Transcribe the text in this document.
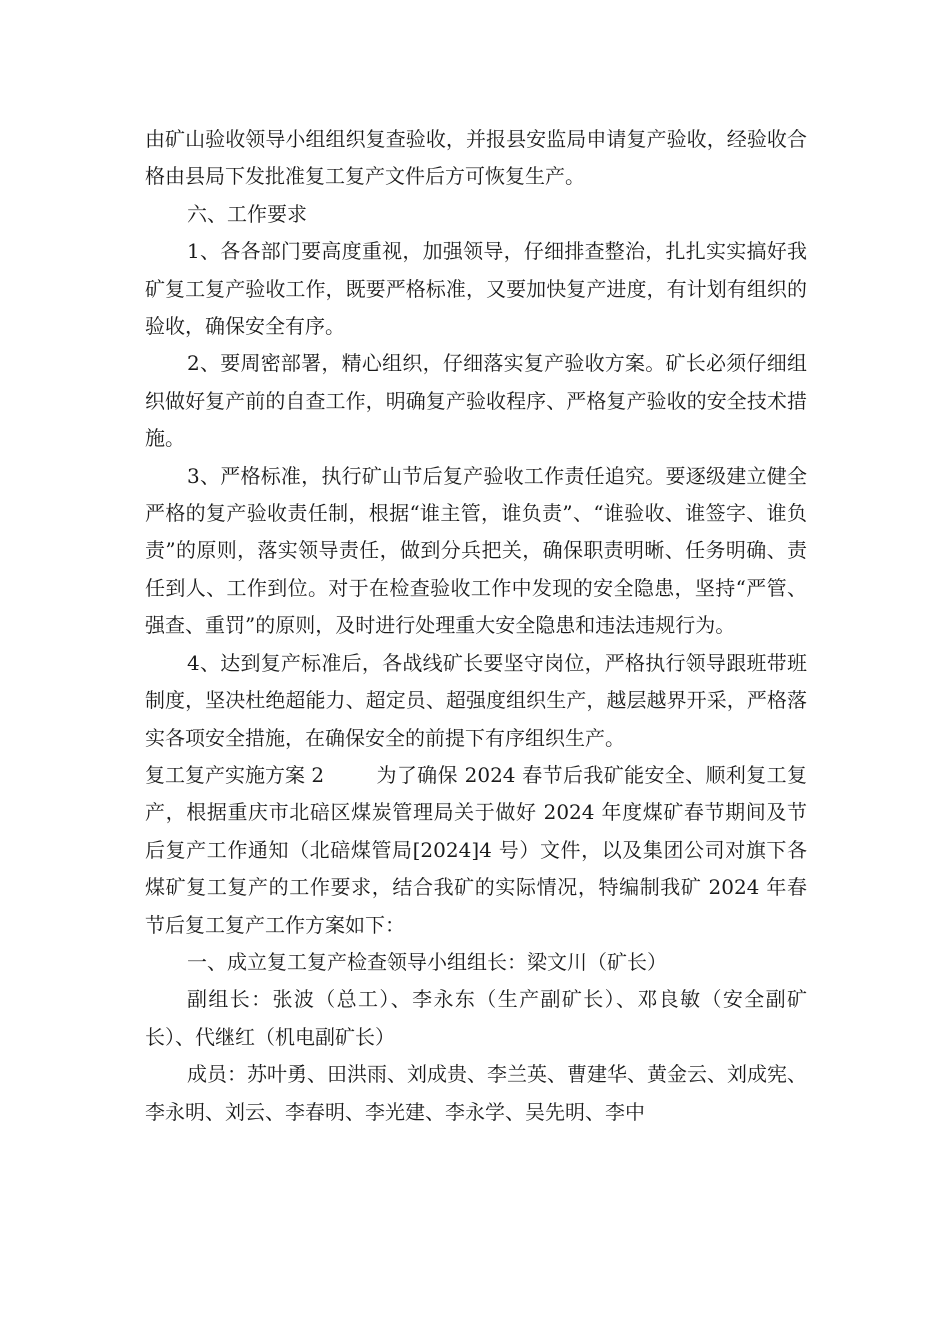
由矿山验收领导小组组织复查验收，并报县安监局申请复产验收，经验收合格由县局下发批准复工复产文件后方可恢复生产。

六、工作要求

1、各各部门要高度重视，加强领导，仔细排查整治，扎扎实实搞好我矿复工复产验收工作，既要严格标准，又要加快复产进度，有计划有组织的验收，确保安全有序。

2、要周密部署，精心组织，仔细落实复产验收方案。矿长必须仔细组织做好复产前的自查工作，明确复产验收程序、严格复产验收的安全技术措施。

3、严格标准，执行矿山节后复产验收工作责任追究。要逐级建立健全严格的复产验收责任制，根据“谁主管，谁负责”、“谁验收、谁签字、谁负责”的原则，落实领导责任，做到分兵把关，确保职责明晰、任务明确、责任到人、工作到位。对于在检查验收工作中发现的安全隐患，坚持“严管、强查、重罚”的原则，及时进行处理重大安全隐患和违法违规行为。

4、达到复产标准后，各战线矿长要坚守岗位，严格执行领导跟班带班制度，坚决杜绝超能力、超定员、超强度组织生产，越层越界开采，严格落实各项安全措施，在确保安全的前提下有序组织生产。

复工复产实施方案 2	为了确保 2024 春节后我矿能安全、顺利复工复产，根据重庆市北碚区煤炭管理局关于做好 2024 年度煤矿春节期间及节后复产工作通知（北碚煤管局[2024]4 号）文件，以及集团公司对旗下各煤矿复工复产的工作要求，结合我矿的实际情况，特编制我矿 2024 年春节后复工复产工作方案如下：

一、成立复工复产检查领导小组组长：梁文川（矿长）

副组长：张波（总工）、李永东（生产副矿长）、邓良敏（安全副矿长）、代继红（机电副矿长）

成员：苏叶勇、田洪雨、刘成贵、李兰英、曹建华、黄金云、刘成宪、李永明、刘云、李春明、李光建、李永学、吴先明、李中
